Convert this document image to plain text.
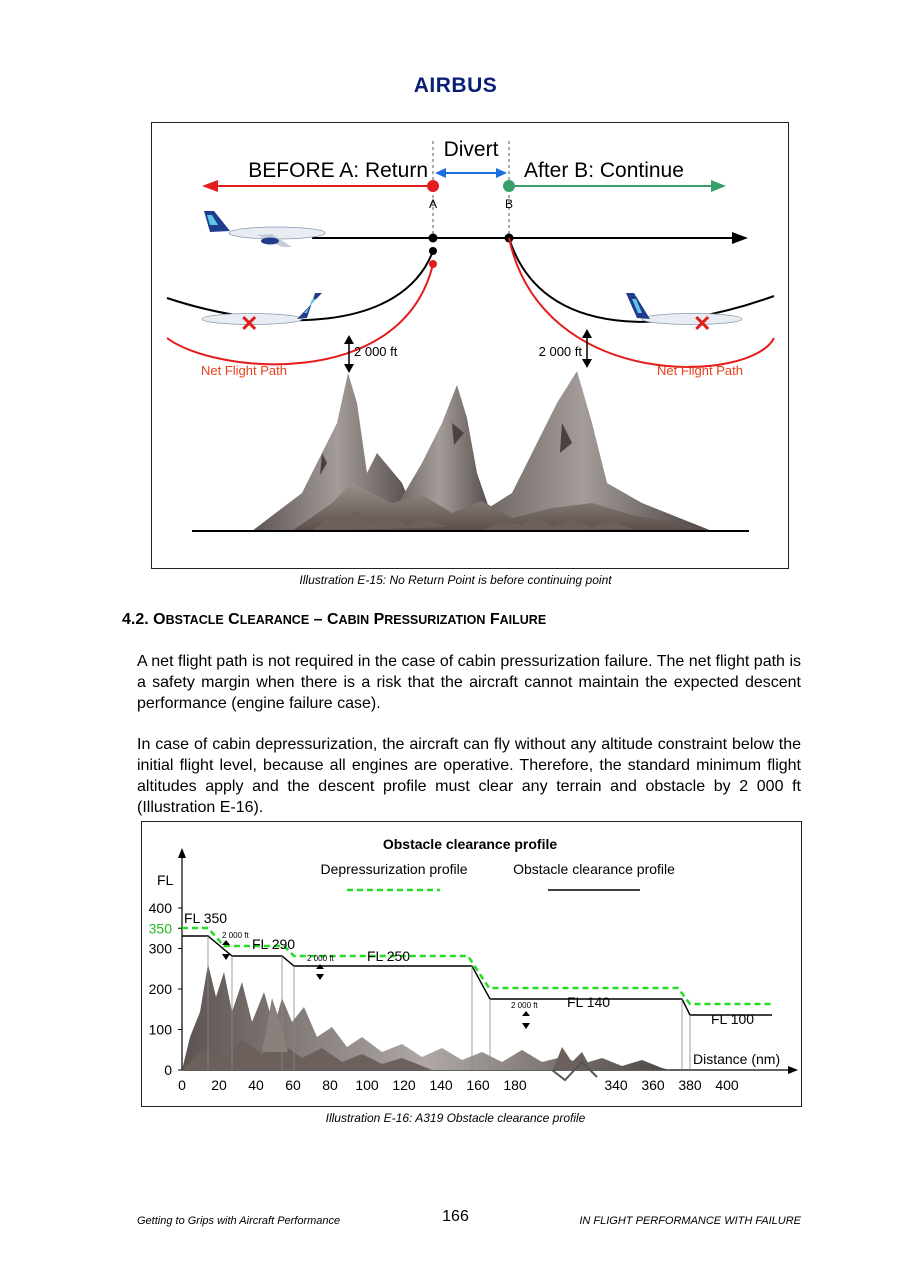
AIRBUS
BEFORE A: Return
Divert
After B: Continue
A	B
✕	✕
2 000 ft	2 000 ft
Net Flight Path	Net Flight Path
Illustration E-15: No Return Point is before continuing point
4.2. OBSTACLE CLEARANCE – CABIN PRESSURIZATION FAILURE
A net flight path is not required in the case of cabin pressurization failure. The net flight path is a safety margin when there is a risk that the aircraft cannot maintain the expected descent performance (engine failure case).
In case of cabin depressurization, the aircraft can fly without any altitude constraint below the initial flight level, because all engines are operative. Therefore, the standard minimum flight altitudes apply and the descent profile must clear any terrain and obstacle by 2 000 ft (Illustration E-16).
Obstacle clearance profile
Depressurization profile	Obstacle clearance profile
FL
Distance (nm)
400
350
300
200
100
0
0 20 40 60 80 100 120 140 160 180	340 360 380 400
FL 350
FL 290
FL 250
FL 140
FL 100
2 000 ft
2 000 ft
2 000 ft
Illustration E-16: A319 Obstacle clearance profile
Getting to Grips with Aircraft Performance	166	IN FLIGHT PERFORMANCE WITH FAILURE
